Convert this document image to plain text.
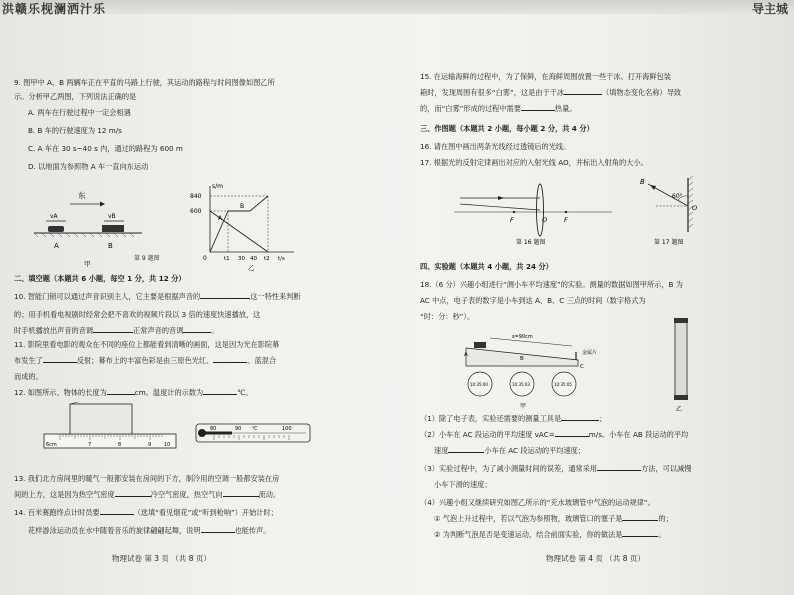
洪赣乐枧澜洒汁乐	导主城
9. 图甲中 A、B 两辆车正在平直的马路上行驶，其运动的路程与时间图像如图乙所
示。分析甲乙两图，下列说法正确的是
A. 两车在行驶过程中一定会相遇
B. B 车的行驶速度为 12 m/s
C. A 车在 30 s~40 s 内，通过的路程为 600 m
D. 以地面为参照物 A 车一直向东运动
东
vA	vB
A	B
甲
s/m
840
600
A
B
0	t1 30 40 t2 t/s
乙
第 9 题图
二、填空题（本题共 6 小题，每空 1 分，共 12 分）
10. 智能门锁可以通过声音识别主人，它主要是根据声音的	这一特性来判断
的；用手机看电视剧时经常会把不喜欢的视频片段以 3 倍的速度快速播放，这
时手机播放出声音的音调	正常声音的音调	。
11. 影院里看电影的观众在不同的座位上都能看到清晰的画面，这是因为光在影院幕
布发生了	反射；幕布上的丰富色彩是由三原色光红、	、蓝混合
而成的。
12. 如图所示、物体的长度为	cm。温度计的示数为	℃。
6cm	7	8	9	10
80	90 ℃	100
13. 我们北方房间里的暖气一般都安装在房间的下方，制冷用的空调一般都安装在房
间的上方，这是因为热空气密度	冷空气密度，热空气向	流动。
14. 百米赛跑终点计时员要	（选填“看见烟花”或“听到枪响”）开始计时；
花样游泳运动员在水中随着音乐的旋律翩翩起舞，说明	也能传声。
物理试卷 第 3 页 （共 8 页）
15. 在运输海鲜的过程中，为了保鲜，在海鲜周围放置一些干冰。打开海鲜包装
箱时，发现周围有很多“白雾”，这是由于干冰	（填物态变化名称）导致
的，而“白雾”形成的过程中需要	热量。
三、作图题（本题共 2 小题，每小题 2 分，共 4 分）
16. 请在图中画出两条光线经过透镜后的光线。
17. 根据光的反射定律画出对应的入射光线 AO，并标出入射角的大小。
F	O	F
第 16 题图
B
60°
O
第 17 题图
四、实验题（本题共 4 小题，共 24 分）
18.（6 分）兴趣小组进行“测小车平均速度”的实验。测量的数据如图甲所示，B 为
AC 中点，电子表的数字是小车到达 A、B、C 三点的时间（数字格式为
“时：分：秒”）。
s=90cm
金属片
A
B
C
10:35:00	10:35:03	10:35:05
甲	乙
（1）除了电子表，实验还需要的测量工具是	；
（2）小车在 AC 段运动的平均速度 vAC=	m/s。小车在 AB 段运动的平均
速度	小车在 AC 段运动的平均速度；
（3）实验过程中，为了减小测量时间的误差，通常采用	方法，可以减慢
小车下滑的速度；
（4）兴趣小组又继续研究如图乙所示的“充水玻璃管中气泡的运动规律”。
① 气泡上升过程中，若以气泡为参照物，玻璃管口的塞子是	的；
② 为判断气泡是否是变速运动，结合前面实验，你的做法是	。
物理试卷 第 4 页 （共 8 页）
